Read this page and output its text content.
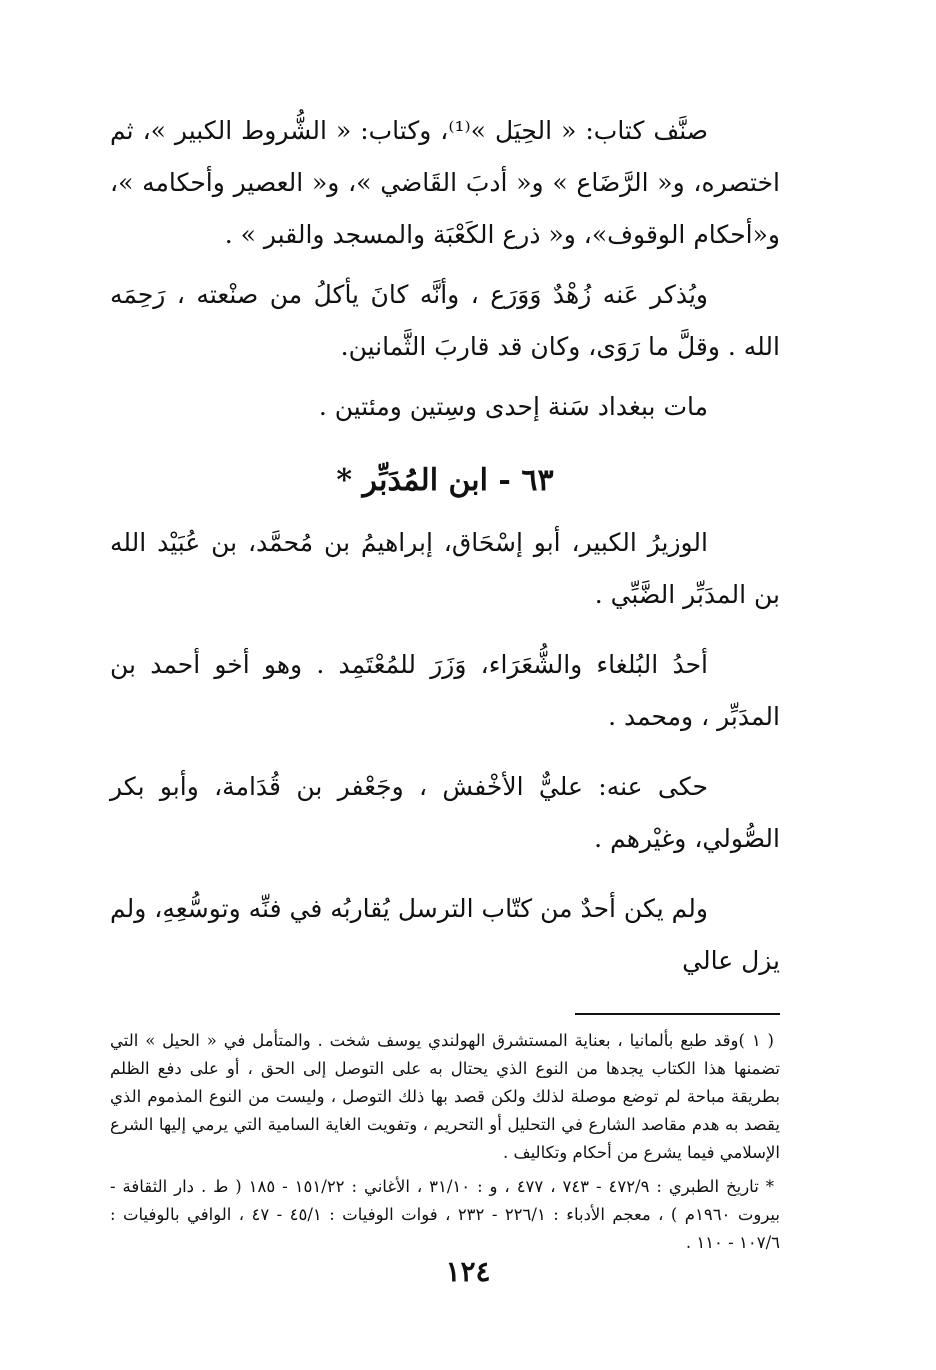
صنَّف كتاب: « الحِيَل »⁽¹⁾، وكتاب: « الشُّروط الكبير »، ثم اختصره، و« الرَّضَاع » و« أدبَ القَاضي »، و« العصير وأحكامه »، و«أحكام الوقوف»، و« ذرع الكَعْبَة والمسجد والقبر » .

ويُذكر عَنه زُهْدٌ وَوَرَع ، وأنَّه كانَ يأكلُ من صنْعته ، رَحِمَه الله . وقلَّ ما رَوَى، وكان قد قاربَ الثَّمانين.

مات ببغداد سَنة إحدى وسِتين ومئتين .

٦٣ - ابن المُدَبِّر *

الوزيرُ الكبير، أبو إسْحَاق، إبراهيمُ بن مُحمَّد، بن عُبَيْد الله بن المدَبِّر الضَّبِّي .

أحدُ البُلغاء والشُّعَرَاء، وَزَرَ للمُعْتَمِد . وهو أخو أحمد بن المدَبِّر ، ومحمد .

حكى عنه: عليٌّ الأخْفش ، وجَعْفر بن قُدَامة، وأبو بكر الصُّولي، وغيْرهم .

ولم يكن أحدٌ من كتّاب الترسل يُقاربُه في فنِّه وتوسُّعِهِ، ولم يزل عالي

( ١ )وقد طبع بألمانيا ، بعناية المستشرق الهولندي يوسف شخت . والمتأمل في « الحيل » التي تضمنها هذا الكتاب يجدها من النوع الذي يحتال به على التوصل إلى الحق ، أو على دفع الظلم بطريقة مباحة لم توضع موصلة لذلك ولكن قصد بها ذلك التوصل ، وليست من النوع المذموم الذي يقصد به هدم مقاصد الشارع في التحليل أو التحريم ، وتفويت الغاية السامية التي يرمي إليها الشرع الإسلامي فيما يشرع من أحكام وتكاليف .

* تاريخ الطبري : ٤٧٢/٩ - ٧٤٣ ، ٤٧٧ ، و : ٣١/١٠ ، الأغاني : ١٥١/٢٢ - ١٨٥ ( ط . دار الثقافة - بيروت ١٩٦٠م ) ، معجم الأدباء : ٢٢٦/١ - ٢٣٢ ، فوات الوفيات : ٤٥/١ - ٤٧ ، الوافي بالوفيات : ١٠٧/٦ - ١١٠ .

١٢٤
